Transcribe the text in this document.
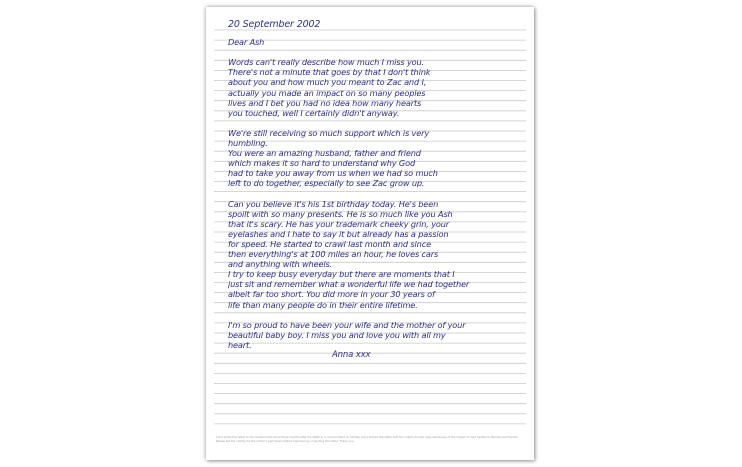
20 September 2002
Dear Ash
Words can't really describe how much I miss you.
There's not a minute that goes by that I don't think
about you and how much you meant to Zac and I,
actually you made an impact on so many peoples
lives and I bet you had no idea how many hearts
you touched, well I certainly didn't anyway.
We're still receiving so much support which is very
humbling.
You were an amazing husband, father and friend
which makes it so hard to understand why God
had to take you away from us when we had so much
left to do together, especially to see Zac grow up.
Can you believe it's his 1st birthday today. He's been
spoilt with so many presents. He is so much like you Ash
that it's scary. He has your trademark cheeky grin, your
eyelashes and I hate to say it but already has a passion
for speed. He started to crawl last month and since
then everything's at 100 miles an hour, he loves cars
and anything with wheels.
I try to keep busy everyday but there are moments that I
just sit and remember what a wonderful life we had together
albeit far too short. You did more in your 30 years of
life than many people do in their entire lifetime.
I'm so proud to have been your wife and the mother of your
beautiful baby boy. I miss you and love you with all my
heart.
Anna xxx
Anna wrote this letter to her husband Ash some three months after his death in a road accident on holiday. Anna shared this letter with the charity to help raise awareness of the impact of road deaths on families and friends.
Please ask the charity for the author's permission before reproducing or quoting this letter. Thank you.
